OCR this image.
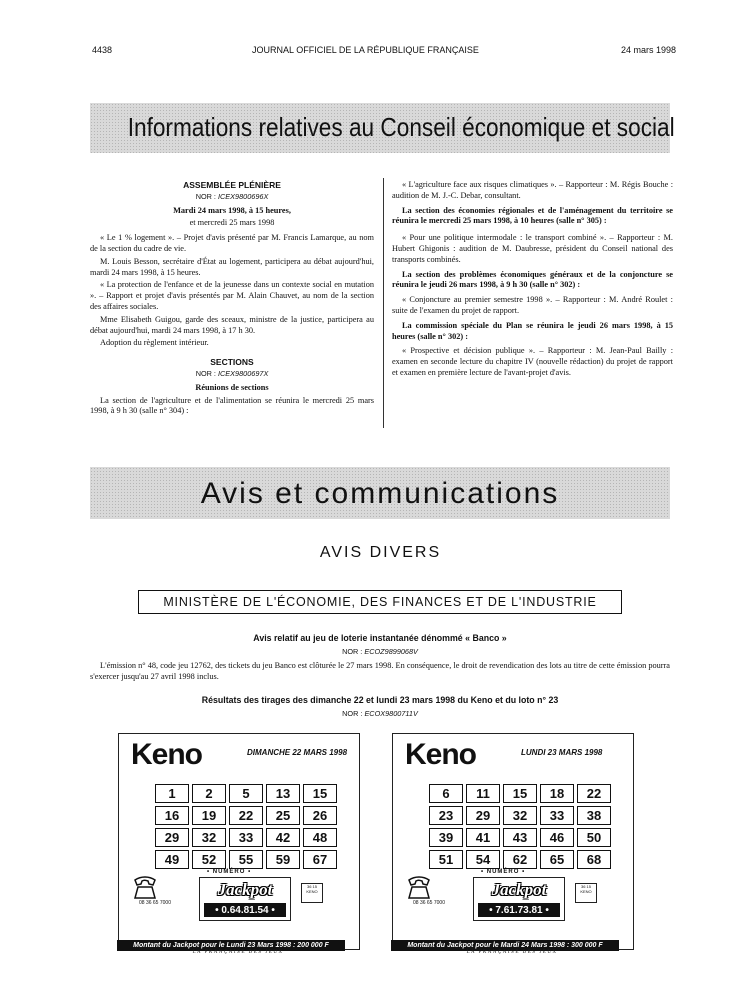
4438	JOURNAL OFFICIEL DE LA RÉPUBLIQUE FRANÇAISE	24 mars 1998
Informations relatives au Conseil économique et social
ASSEMBLÉE PLÉNIÈRE
NOR : ICEX9800696X

Mardi 24 mars 1998, à 15 heures,

et mercredi 25 mars 1998

« Le 1 % logement ». – Projet d'avis présenté par M. Francis Lamarque, au nom de la section du cadre de vie.

M. Louis Besson, secrétaire d'État au logement, participera au débat aujourd'hui, mardi 24 mars 1998, à 15 heures.

« La protection de l'enfance et de la jeunesse dans un contexte social en mutation ». – Rapport et projet d'avis présentés par M. Alain Chauvet, au nom de la section des affaires sociales.

Mme Elisabeth Guigou, garde des sceaux, ministre de la justice, participera au débat aujourd'hui, mardi 24 mars 1998, à 17 h 30.

Adoption du règlement intérieur.

SECTIONS
NOR : ICEX9800697X
Réunions de sections

La section de l'agriculture et de l'alimentation se réunira le mercredi 25 mars 1998, à 9 h 30 (salle n° 304) :

« L'agriculture face aux risques climatiques ». – Rapporteur : M. Régis Bouche : audition de M. J.-C. Debar, consultant.

La section des économies régionales et de l'aménagement du territoire se réunira le mercredi 25 mars 1998, à 10 heures (salle n° 305) :

« Pour une politique intermodale : le transport combiné ». – Rapporteur : M. Hubert Ghigonis : audition de M. Daubresse, président du Conseil national des transports combinés.

La section des problèmes économiques généraux et de la conjoncture se réunira le jeudi 26 mars 1998, à 9 h 30 (salle n° 302) :

« Conjoncture au premier semestre 1998 ». – Rapporteur : M. André Roulet : suite de l'examen du projet de rapport.

La commission spéciale du Plan se réunira le jeudi 26 mars 1998, à 15 heures (salle n° 302) :

« Prospective et décision publique ». – Rapporteur : M. Jean-Paul Bailly : examen en seconde lecture du chapitre IV (nouvelle rédaction) du projet de rapport et examen en première lecture de l'avant-projet d'avis.

Avis et communications
AVIS DIVERS
MINISTÈRE DE L'ÉCONOMIE, DES FINANCES ET DE L'INDUSTRIE
Avis relatif au jeu de loterie instantanée dénommé « Banco »
NOR : ECOZ9899068V

L'émission n° 48, code jeu 12762, des tickets du jeu Banco est clôturée le 27 mars 1998. En conséquence, le droit de revendication des lots au titre de cette émission pourra s'exercer jusqu'au 27 avril 1998 inclus.

Résultats des tirages des dimanche 22 et lundi 23 mars 1998 du Keno et du loto n° 23
NOR : ECOX9800711V
Keno	DIMANCHE 22 MARS 1998
1	2	5	13	15
16	19	22	25	26
29	32	33	42	48
49	52	55	59	67
• NUMÉRO •
Jackpot
• 0.64.81.54 •
08 36 65 7000
36 15 KENO
Montant du Jackpot pour le Lundi 23 Mars 1998 : 200 000 F
LA FRANÇAISE DES JEUX
Keno	LUNDI 23 MARS 1998
6	11	15	18	22
23	29	32	33	38
39	41	43	46	50
51	54	62	65	68
• NUMÉRO •
Jackpot
• 7.61.73.81 •
08 36 65 7000
36 15 KENO
Montant du Jackpot pour le Mardi 24 Mars 1998 : 300 000 F
LA FRANÇAISE DES JEUX
